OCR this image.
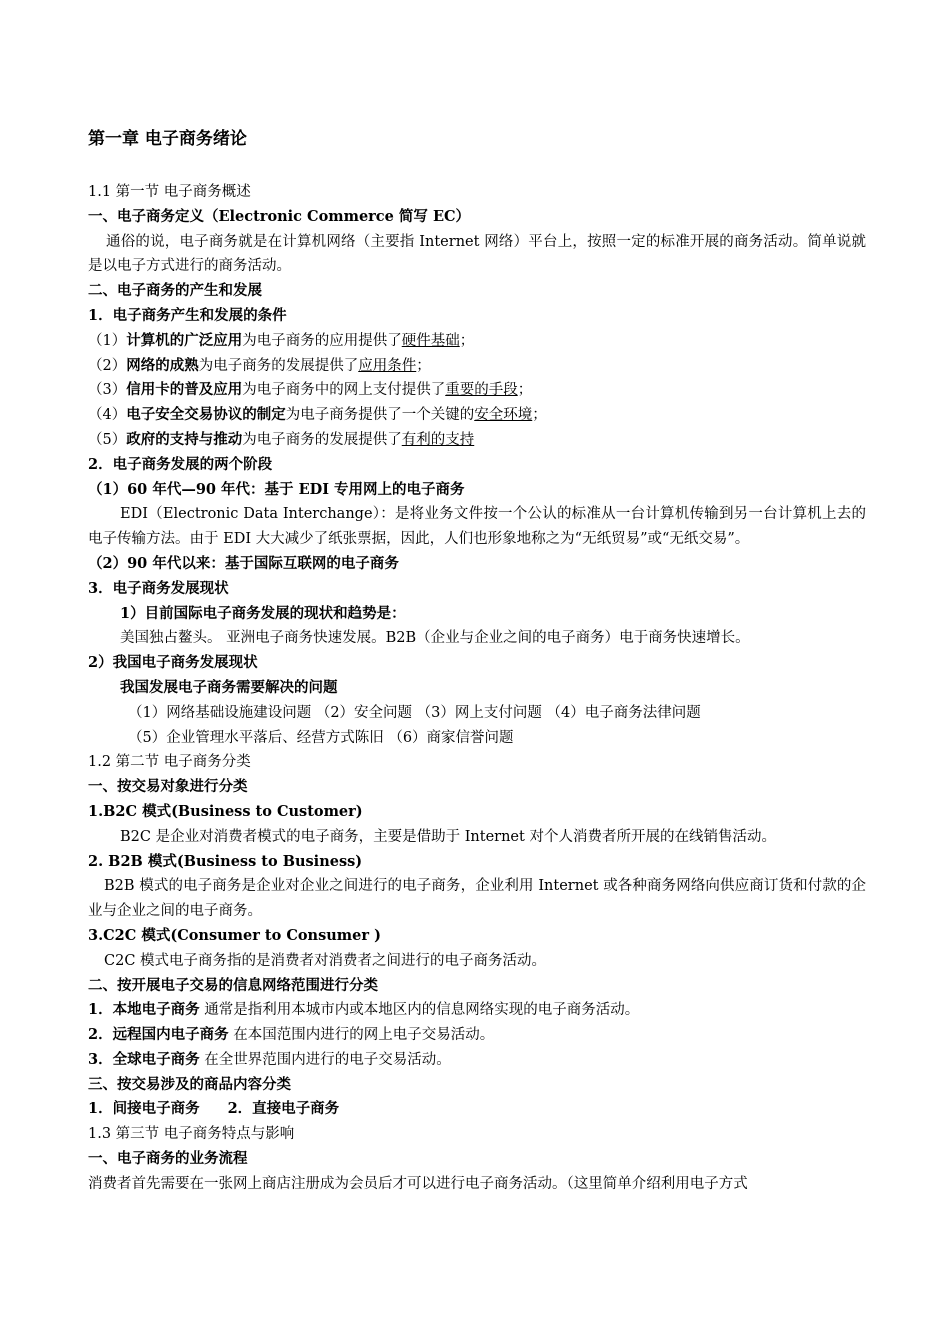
第一章 电子商务绪论
1.1 第一节 电子商务概述
一、电子商务定义（Electronic Commerce 简写 EC）
通俗的说，电子商务就是在计算机网络（主要指 Internet 网络）平台上，按照一定的标准开展的商务活动。简单说就是以电子方式进行的商务活动。
二、电子商务的产生和发展
1．电子商务产生和发展的条件
（1）计算机的广泛应用为电子商务的应用提供了硬件基础；
（2）网络的成熟为电子商务的发展提供了应用条件；
（3）信用卡的普及应用为电子商务中的网上支付提供了重要的手段；
（4）电子安全交易协议的制定为电子商务提供了一个关键的安全环境；
（5）政府的支持与推动为电子商务的发展提供了有利的支持
2．电子商务发展的两个阶段
（1）60 年代—90 年代：基于 EDI 专用网上的电子商务
EDI（Electronic Data Interchange）：是将业务文件按一个公认的标准从一台计算机传输到另一台计算机上去的电子传输方法。由于 EDI 大大减少了纸张票据，因此，人们也形象地称之为“无纸贸易”或“无纸交易”。
（2）90 年代以来：基于国际互联网的电子商务
3．电子商务发展现状
1）目前国际电子商务发展的现状和趋势是：
美国独占鳌头。 亚洲电子商务快速发展。B2B（企业与企业之间的电子商务）电于商务快速增长。
2）我国电子商务发展现状
我国发展电子商务需要解决的问题
（1）网络基础设施建设问题 （2）安全问题 （3）网上支付问题 （4）电子商务法律问题
（5）企业管理水平落后、经营方式陈旧 （6）商家信誉问题
1.2 第二节 电子商务分类
一、按交易对象进行分类
1.B2C 模式(Business to Customer)
B2C 是企业对消费者模式的电子商务，主要是借助于 Internet 对个人消费者所开展的在线销售活动。
2. B2B 模式(Business to Business)
B2B 模式的电子商务是企业对企业之间进行的电子商务，企业利用 Internet 或各种商务网络向供应商订货和付款的企业与企业之间的电子商务。
3.C2C 模式(Consumer to Consumer )
C2C 模式电子商务指的是消费者对消费者之间进行的电子商务活动。
二、按开展电子交易的信息网络范围进行分类
1．本地电子商务 通常是指利用本城市内或本地区内的信息网络实现的电子商务活动。
2．远程国内电子商务 在本国范围内进行的网上电子交易活动。
3．全球电子商务 在全世界范围内进行的电子交易活动。
三、按交易涉及的商品内容分类
1．间接电子商务 2．直接电子商务
1.3 第三节 电子商务特点与影响
一、电子商务的业务流程
消费者首先需要在一张网上商店注册成为会员后才可以进行电子商务活动。（这里简单介绍利用电子方式
